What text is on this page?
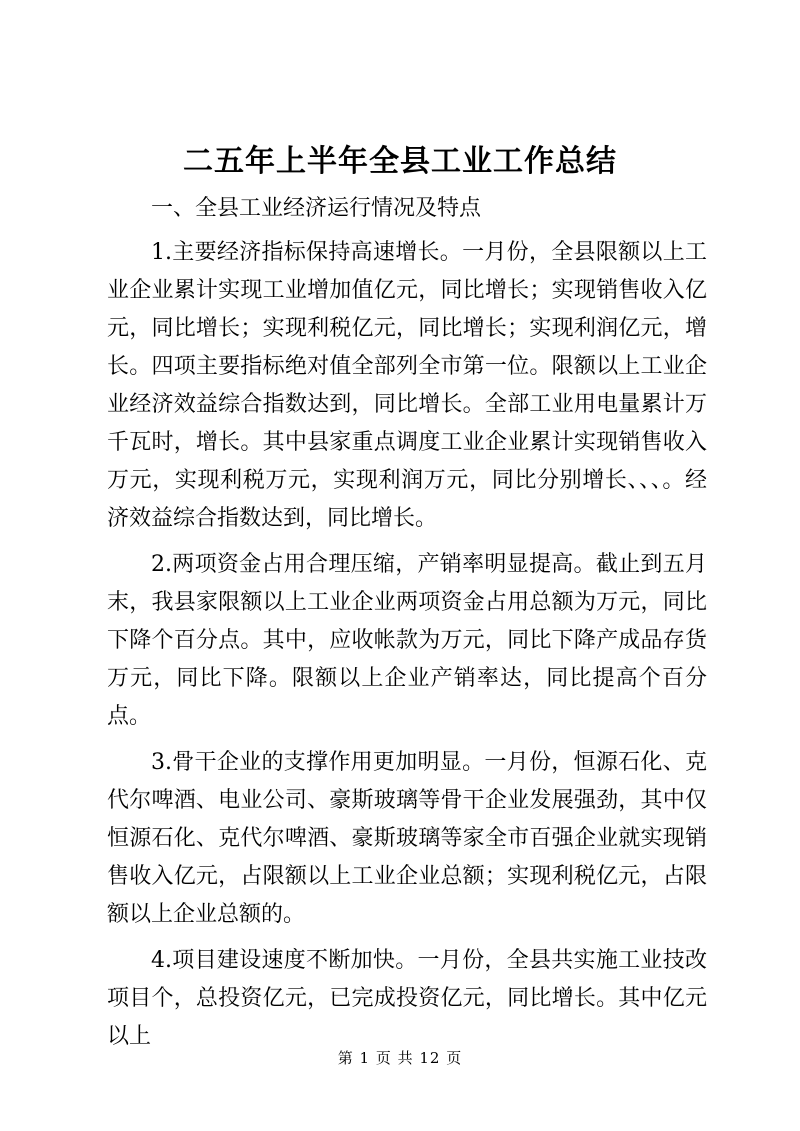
二五年上半年全县工业工作总结

一、全县工业经济运行情况及特点

1.主要经济指标保持高速增长。一月份，全县限额以上工业企业累计实现工业增加值亿元，同比增长；实现销售收入亿元，同比增长；实现利税亿元，同比增长；实现利润亿元，增长。四项主要指标绝对值全部列全市第一位。限额以上工业企业经济效益综合指数达到，同比增长。全部工业用电量累计万千瓦时，增长。其中县家重点调度工业企业累计实现销售收入万元，实现利税万元，实现利润万元，同比分别增长、、、。经济效益综合指数达到，同比增长。

2.两项资金占用合理压缩，产销率明显提高。截止到五月末，我县家限额以上工业企业两项资金占用总额为万元，同比下降个百分点。其中，应收帐款为万元，同比下降产成品存货万元，同比下降。限额以上企业产销率达，同比提高个百分点。

3.骨干企业的支撑作用更加明显。一月份，恒源石化、克代尔啤酒、电业公司、豪斯玻璃等骨干企业发展强劲，其中仅恒源石化、克代尔啤酒、豪斯玻璃等家全市百强企业就实现销售收入亿元，占限额以上工业企业总额；实现利税亿元，占限额以上企业总额的。

4.项目建设速度不断加快。一月份，全县共实施工业技改项目个，总投资亿元，已完成投资亿元，同比增长。其中亿元以上

第 1 页 共 12 页
